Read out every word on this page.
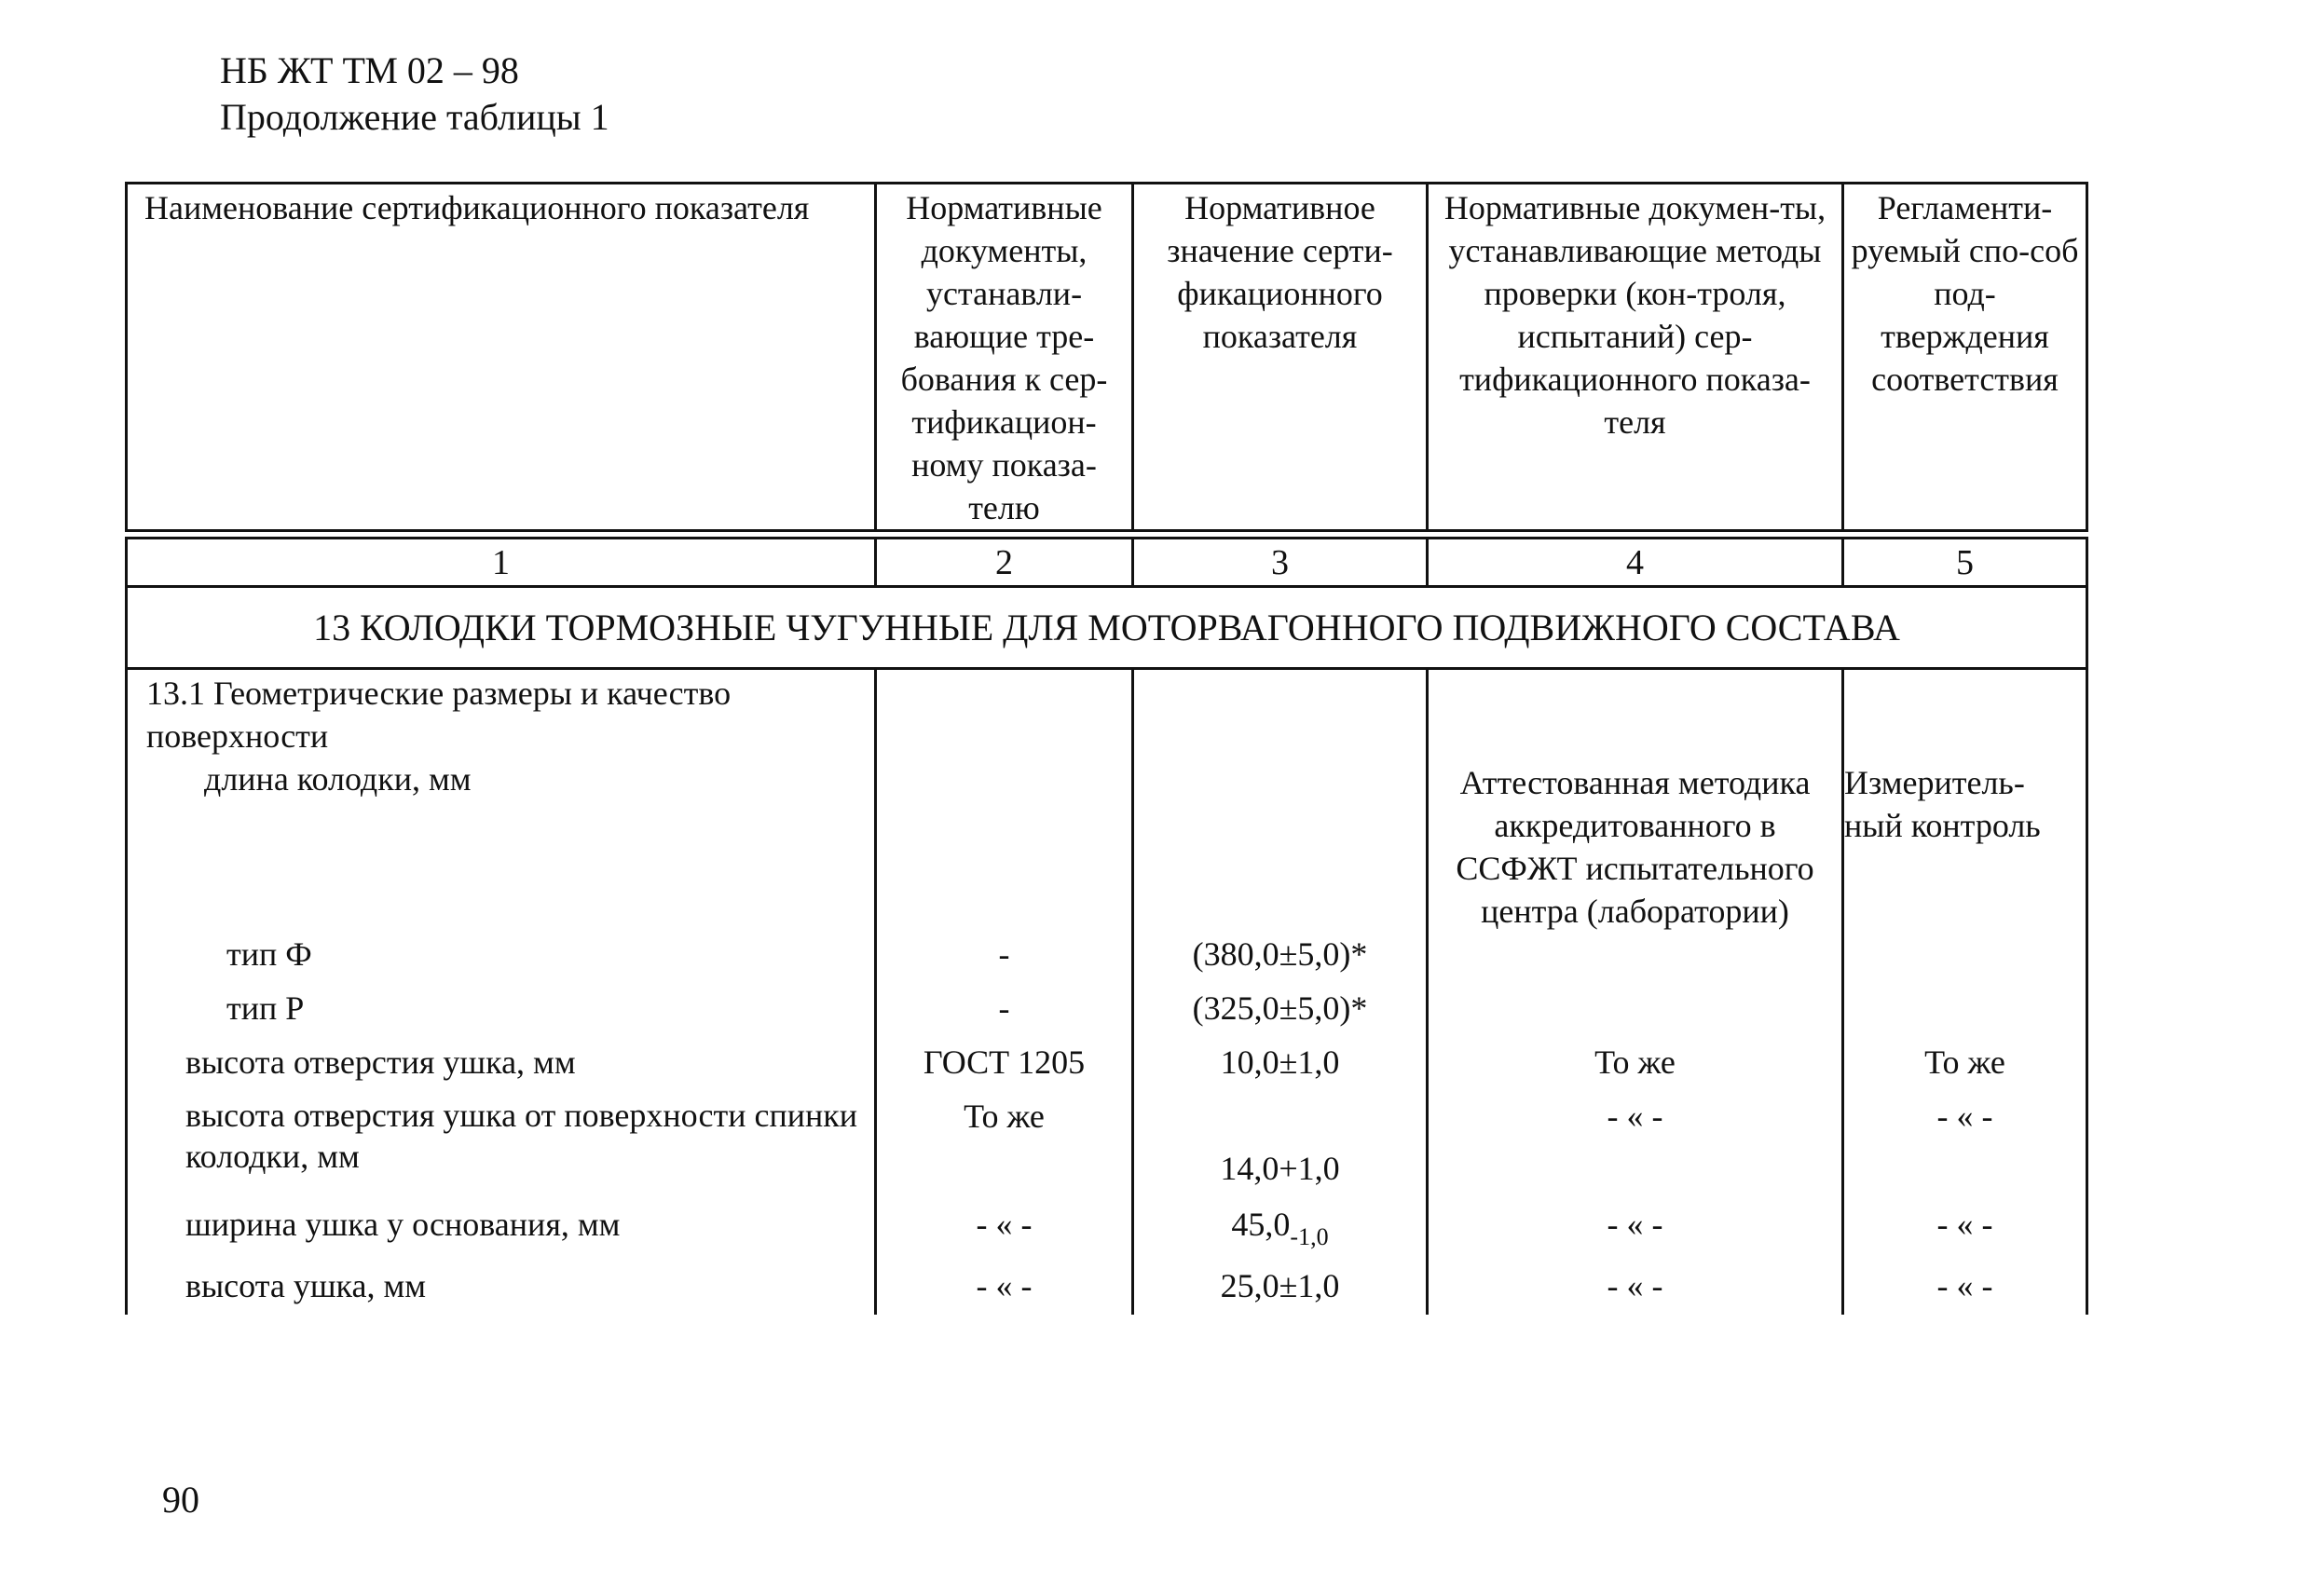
НБ ЖТ ТМ 02 – 98
Продолжение таблицы 1
Наименование сертификационного показателя	Нормативные документы, устанавли-вающие тре-бования к сер-тификацион-ному показа-телю	Нормативное значение серти-фикационного показателя	Нормативные докумен-ты, устанавливающие методы проверки (кон-троля, испытаний) сер-тификационного показа-теля	Регламенти-руемый спо-соб под-тверждения соответствия
1	2	3	4	5
13 КОЛОДКИ ТОРМОЗНЫЕ ЧУГУННЫЕ ДЛЯ МОТОРВАГОННОГО ПОДВИЖНОГО СОСТАВА				

13.1 Геометрические размеры и качество поверхности
длина колодки, мм			Аттестованная методика аккредитованного в ССФЖТ испытательного центра (лаборатории)	Измеритель-ный контроль
тип Ф	-	(380,0±5,0)*		
тип Р	-	(325,0±5,0)*		
высота отверстия ушка, мм	ГОСТ 1205	10,0±1,0	То же	То же
высота отверстия ушка от поверхности спинки колодки, мм	То же	14,0+1,0	- « -	- « -
ширина ушка у основания, мм	- « -	$45,0_{-1,0}$	- « -	- « -
высота ушка, мм	- « -	25,0±1,0	- « -	- « -
90
